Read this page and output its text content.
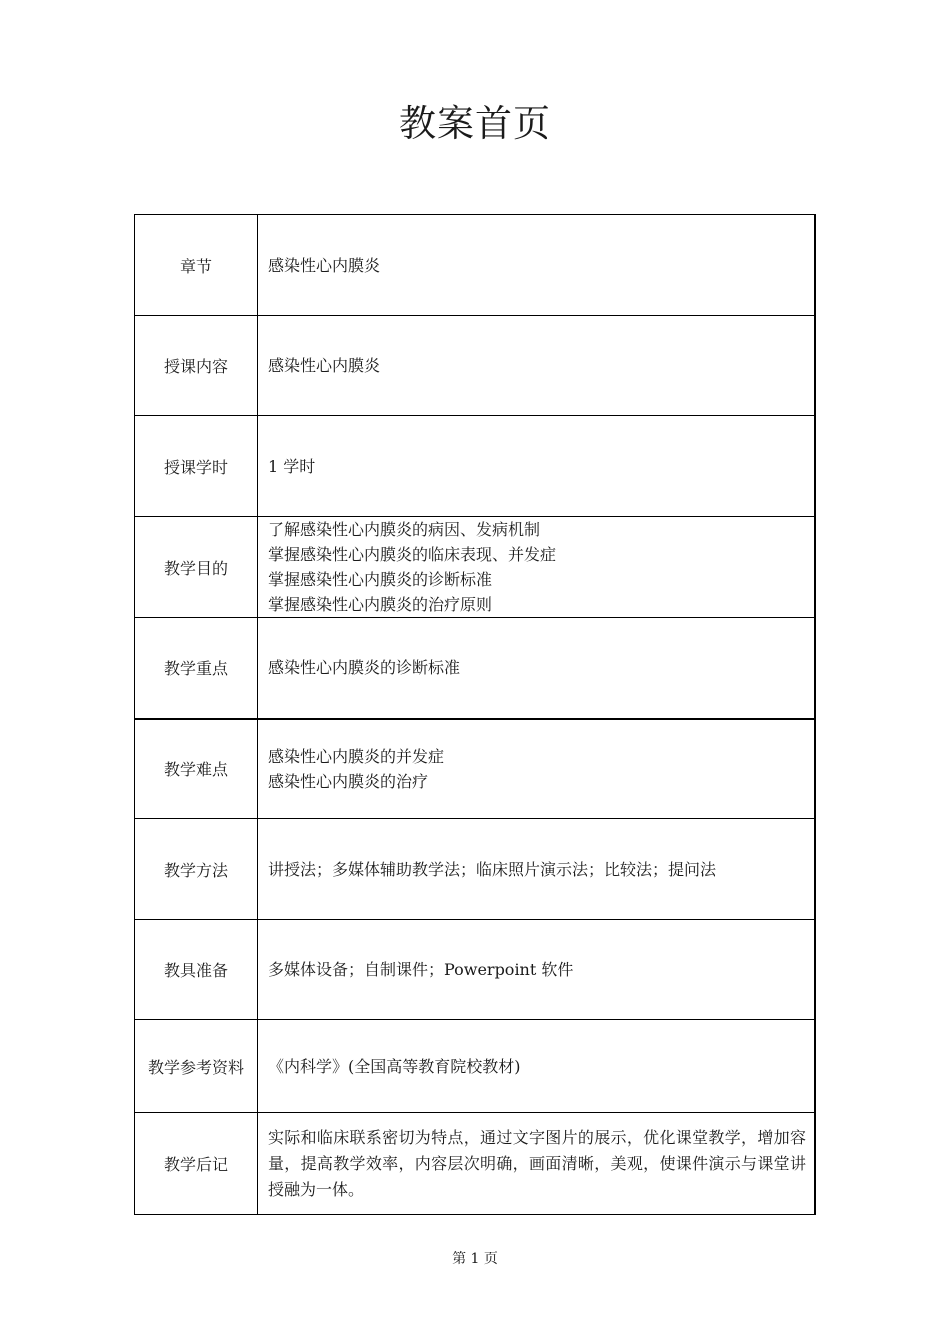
教案首页
章节	感染性心内膜炎

授课内容	感染性心内膜炎

授课学时	1 学时

教学目的	了解感染性心内膜炎的病因、发病机制
掌握感染性心内膜炎的临床表现、并发症
掌握感染性心内膜炎的诊断标准
掌握感染性心内膜炎的治疗原则

教学重点	感染性心内膜炎的诊断标准

教学难点	感染性心内膜炎的并发症
感染性心内膜炎的治疗

教学方法	讲授法；多媒体辅助教学法；临床照片演示法；比较法；提问法

教具准备	多媒体设备；自制课件；Powerpoint 软件

教学参考资料	《内科学》(全国高等教育院校教材)

教学后记	实际和临床联系密切为特点，通过文字图片的展示，优化课堂教学，增加容量，提高教学效率，内容层次明确，画面清晰，美观，使课件演示与课堂讲授融为一体。
第 1 页
